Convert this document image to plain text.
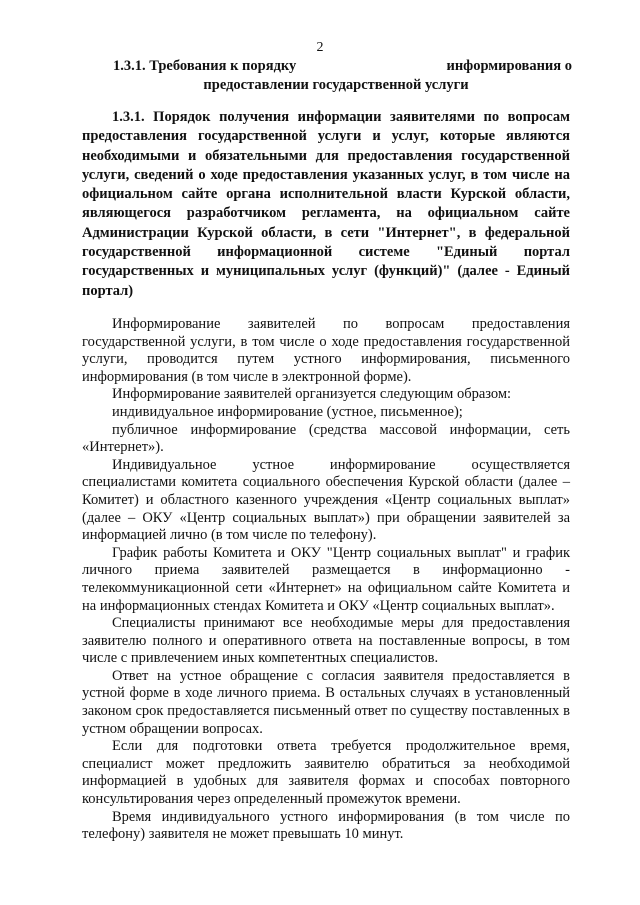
2
1.3.1. Требования к порядку	информирования о
предоставлении государственной услуги
1.3.1. Порядок получения информации заявителями по вопросам предоставления государственной услуги и услуг, которые являются необходимыми и обязательными для предоставления государственной услуги, сведений о ходе предоставления указанных услуг, в том числе на официальном сайте органа исполнительной власти Курской области, являющегося разработчиком регламента, на официальном сайте Администрации Курской области, в сети "Интернет", в федеральной государственной информационной системе "Единый портал государственных и муниципальных услуг (функций)" (далее - Единый портал)

Информирование заявителей по вопросам предоставления государственной услуги, в том числе о ходе предоставления государственной услуги, проводится путем устного информирования, письменного информирования (в том числе в электронной форме).

Информирование заявителей организуется следующим образом:

индивидуальное информирование (устное, письменное);

публичное информирование (средства массовой информации, сеть «Интернет»).

Индивидуальное устное информирование осуществляется специалистами комитета социального обеспечения Курской области (далее – Комитет) и областного казенного учреждения «Центр социальных выплат» (далее – ОКУ «Центр социальных выплат») при обращении заявителей за информацией лично (в том числе по телефону).

График работы Комитета и ОКУ "Центр социальных выплат" и график личного приема заявителей размещается в информационно - телекоммуникационной сети «Интернет» на официальном сайте Комитета и на информационных стендах Комитета и ОКУ «Центр социальных выплат».

Специалисты принимают все необходимые меры для предоставления заявителю полного и оперативного ответа на поставленные вопросы, в том числе с привлечением иных компетентных специалистов.

Ответ на устное обращение с согласия заявителя предоставляется в устной форме в ходе личного приема. В остальных случаях в установленный законом срок предоставляется письменный ответ по существу поставленных в устном обращении вопросах.

Если для подготовки ответа требуется продолжительное время, специалист может предложить заявителю обратиться за необходимой информацией в удобных для заявителя формах и способах повторного консультирования через определенный промежуток времени.

Время индивидуального устного информирования (в том числе по телефону) заявителя не может превышать 10 минут.
